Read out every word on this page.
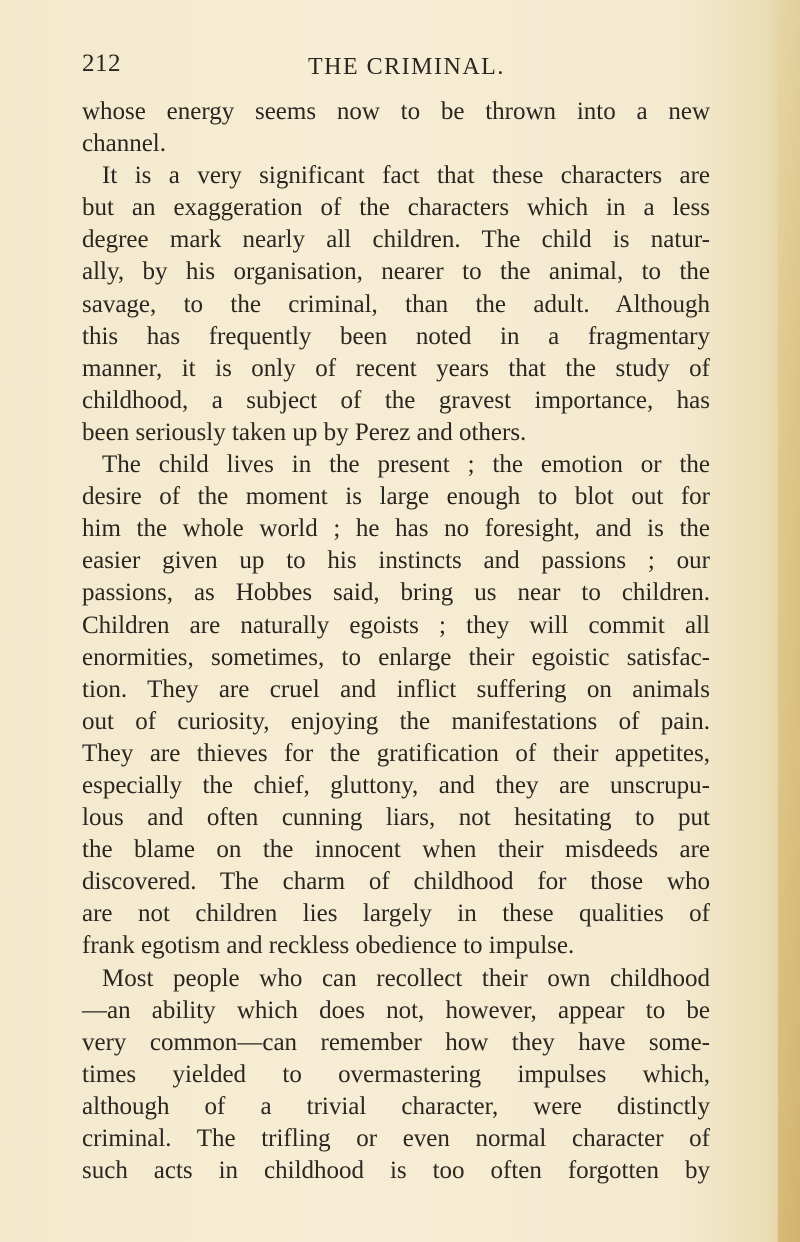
212	THE CRIMINAL.
whose energy seems now to be thrown into a new
channel.
It is a very significant fact that these characters are
but an exaggeration of the characters which in a less
degree mark nearly all children. The child is natur-
ally, by his organisation, nearer to the animal, to the
savage, to the criminal, than the adult. Although
this has frequently been noted in a fragmentary
manner, it is only of recent years that the study of
childhood, a subject of the gravest importance, has
been seriously taken up by Perez and others.
The child lives in the present ; the emotion or the
desire of the moment is large enough to blot out for
him the whole world ; he has no foresight, and is the
easier given up to his instincts and passions ; our
passions, as Hobbes said, bring us near to children.
Children are naturally egoists ; they will commit all
enormities, sometimes, to enlarge their egoistic satisfac-
tion. They are cruel and inflict suffering on animals
out of curiosity, enjoying the manifestations of pain.
They are thieves for the gratification of their appetites,
especially the chief, gluttony, and they are unscrupu-
lous and often cunning liars, not hesitating to put
the blame on the innocent when their misdeeds are
discovered. The charm of childhood for those who
are not children lies largely in these qualities of
frank egotism and reckless obedience to impulse.
Most people who can recollect their own childhood
—an ability which does not, however, appear to be
very common—can remember how they have some-
times yielded to overmastering impulses which,
although of a trivial character, were distinctly
criminal. The trifling or even normal character of
such acts in childhood is too often forgotten by
